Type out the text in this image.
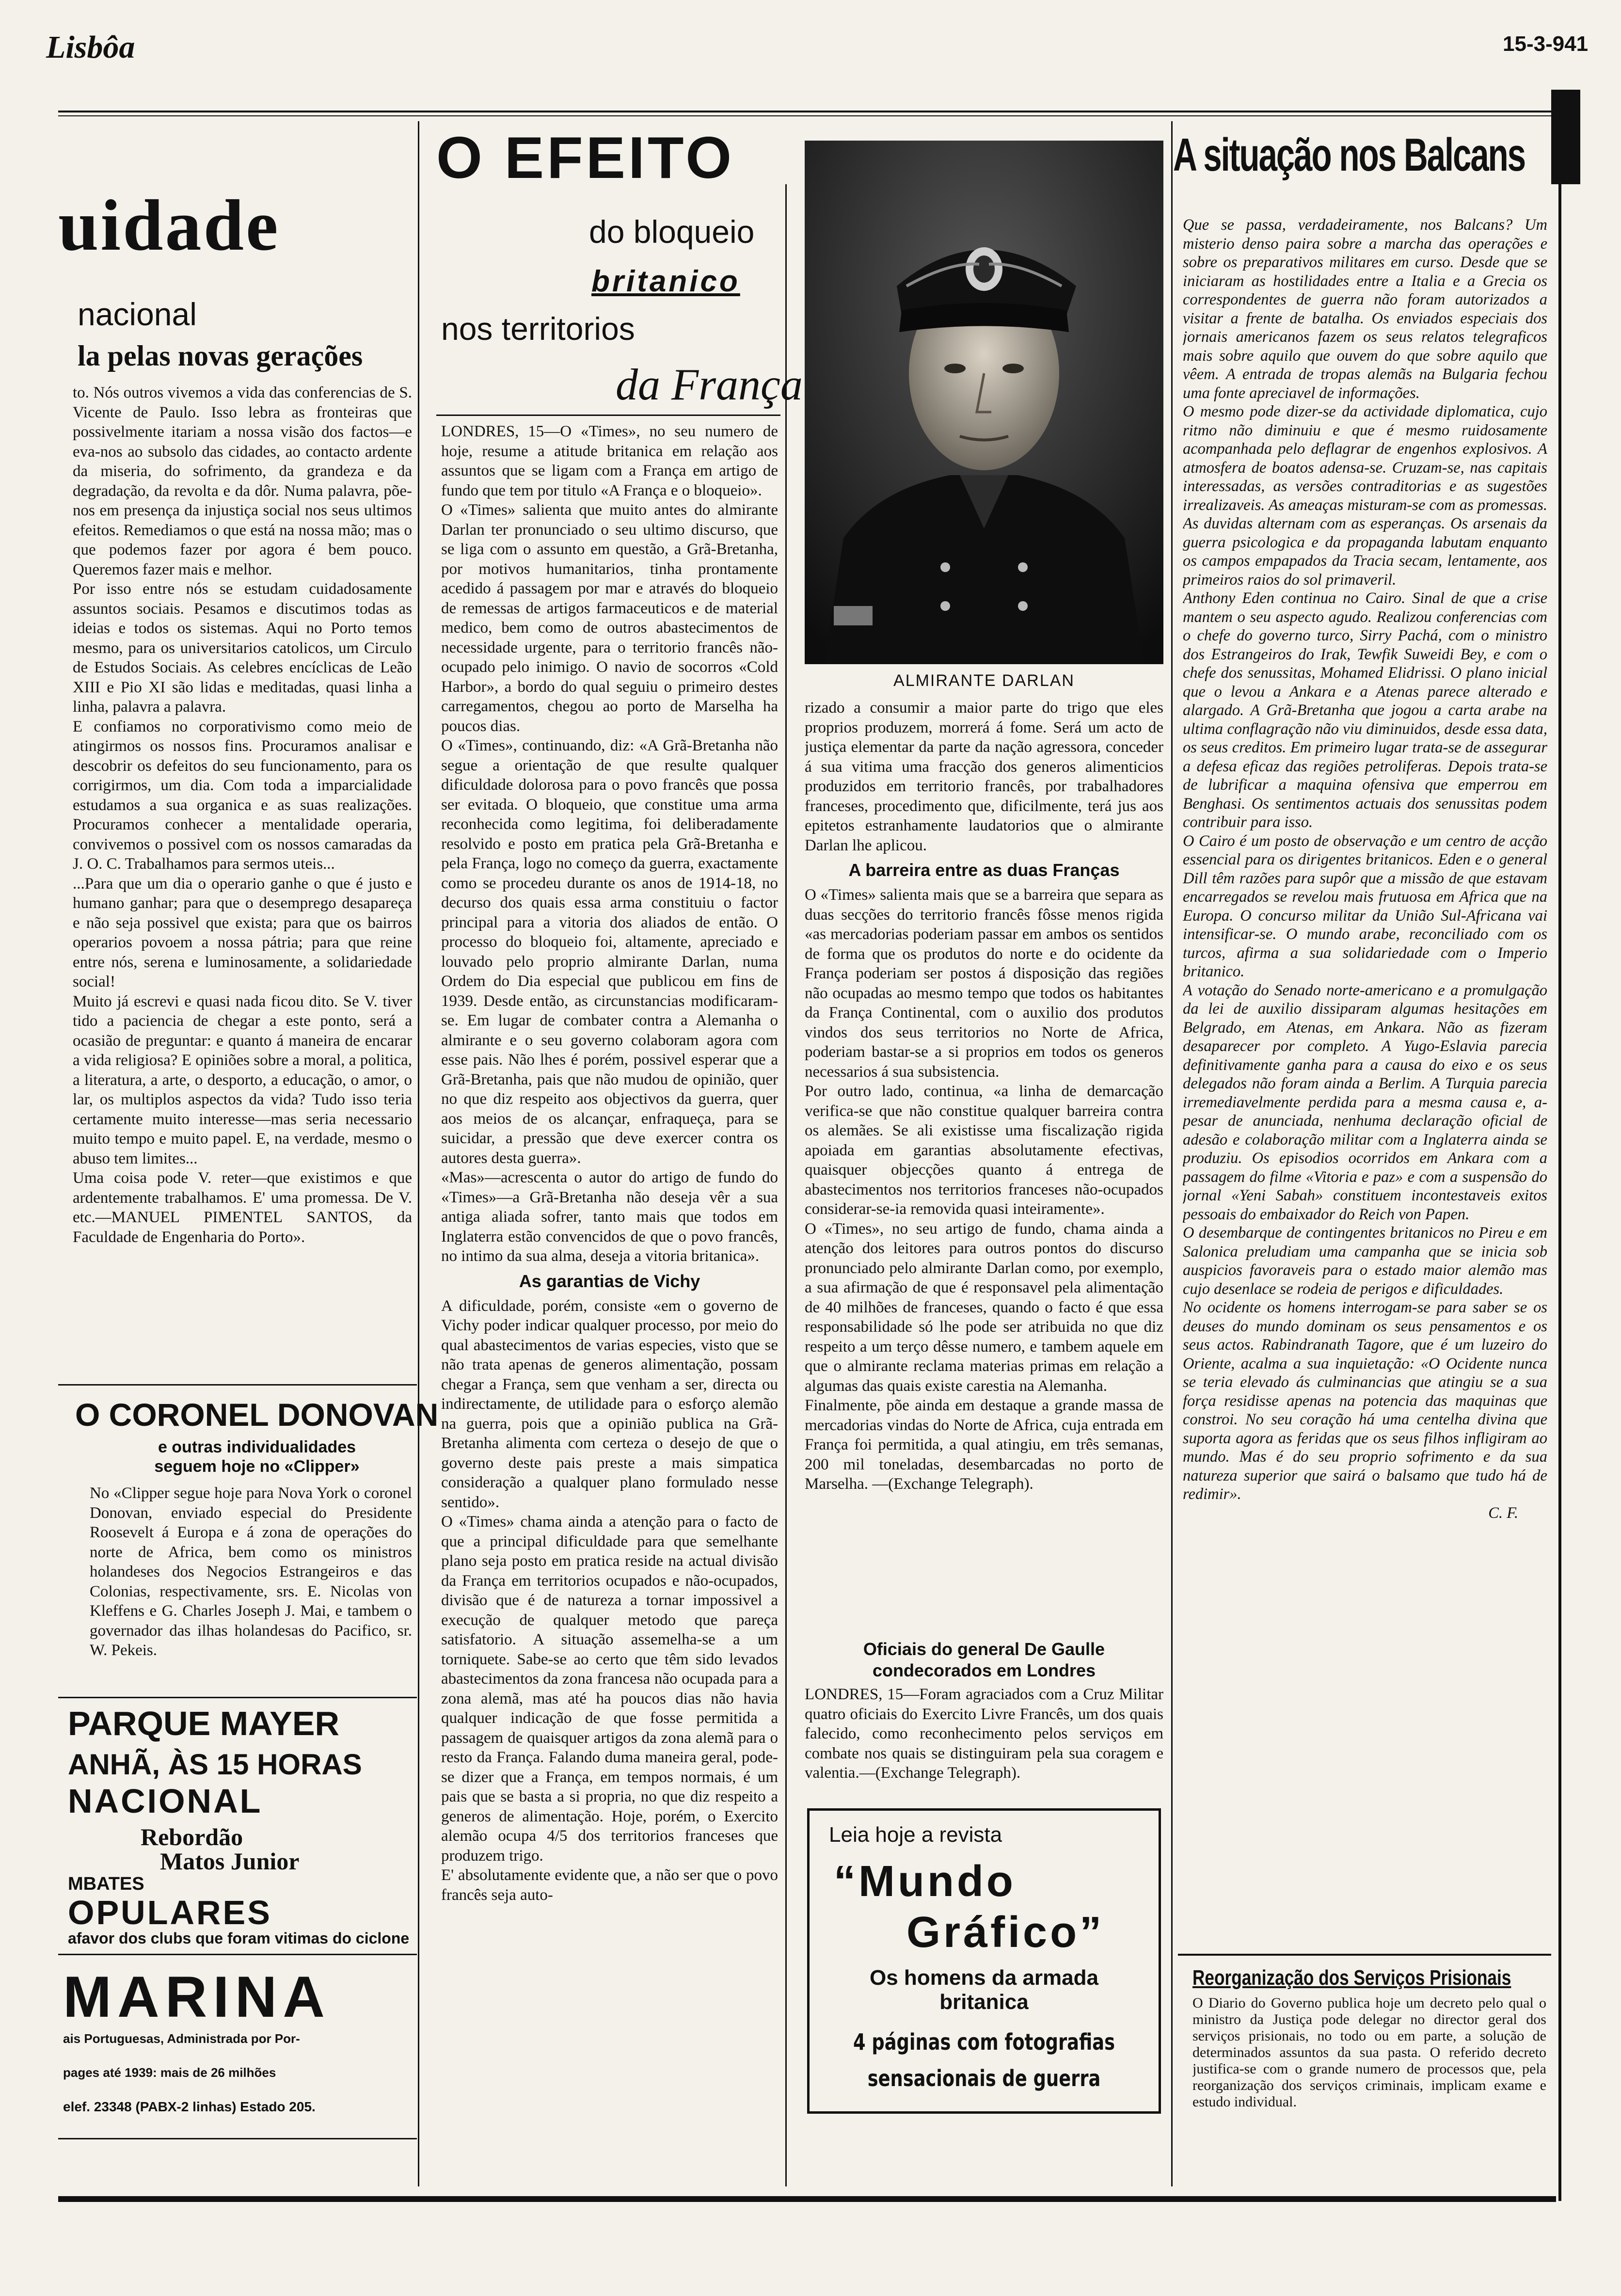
Lisbôa	15-3-941
uidade
nacional
la pelas novas gerações

to. Nós outros vivemos a vida das conferencias de S. Vicente de Paulo. Isso lebra as fronteiras que possivelmente itariam a nossa visão dos factos—e eva-nos ao subsolo das cidades, ao contacto ardente da miseria, do sofrimento, da grandeza e da degradação, da revolta e da dôr. Numa palavra, põe-nos em presença da injustiça social nos seus ultimos efeitos. Remediamos o que está na nossa mão; mas o que podemos fazer por agora é bem pouco. Queremos fazer mais e melhor.

Por isso entre nós se estudam cuidadosamente assuntos sociais. Pesamos e discutimos todas as ideias e todos os sistemas. Aqui no Porto temos mesmo, para os universitarios catolicos, um Circulo de Estudos Sociais. As celebres encíclicas de Leão XIII e Pio XI são lidas e meditadas, quasi linha a linha, palavra a palavra.

E confiamos no corporativismo como meio de atingirmos os nossos fins. Procuramos analisar e descobrir os defeitos do seu funcionamento, para os corrigirmos, um dia. Com toda a imparcialidade estudamos a sua organica e as suas realizações. Procuramos conhecer a mentalidade operaria, convivemos o possivel com os nossos camaradas da J. O. C. Trabalhamos para sermos uteis...

...Para que um dia o operario ganhe o que é justo e humano ganhar; para que o desemprego desapareça e não seja possivel que exista; para que os bairros operarios povoem a nossa pátria; para que reine entre nós, serena e luminosamente, a solidariedade social!

Muito já escrevi e quasi nada ficou dito. Se V. tiver tido a paciencia de chegar a este ponto, será a ocasião de preguntar: e quanto á maneira de encarar a vida religiosa? E opiniões sobre a moral, a politica, a literatura, a arte, o desporto, a educação, o amor, o lar, os multiplos aspectos da vida? Tudo isso teria certamente muito interesse—mas seria necessario muito tempo e muito papel. E, na verdade, mesmo o abuso tem limites...

Uma coisa pode V. reter—que existimos e que ardentemente trabalhamos. E' uma promessa. De V. etc.—MANUEL PIMENTEL SANTOS, da Faculdade de Engenharia do Porto».

O CORONEL DONOVAN
e outras individualidades seguem hoje no «Clipper»
No «Clipper segue hoje para Nova York o coronel Donovan, enviado especial do Presidente Roosevelt á Europa e á zona de operações do norte de Africa, bem como os ministros holandeses dos Negocios Estrangeiros e das Colonias, respectivamente, srs. E. Nicolas von Kleffens e G. Charles Joseph J. Mai, e tambem o governador das ilhas holandesas do Pacifico, sr. W. Pekeis.
PARQUE MAYER
ANHÃ, ÀS 15 HORAS
NACIONAL
Rebordão
Matos Junior
MBATES
OPULARES
afavor dos clubs que foram vitimas do ciclone
MARINA
ais Portuguesas, Administrada por Por-
pages até 1939: mais de 26 milhões
elef. 23348 (PABX-2 linhas) Estado 205.
O EFEITO
do bloqueio
britanico
nos territorios
da França

LONDRES, 15—O «Times», no seu numero de hoje, resume a atitude britanica em relação aos assuntos que se ligam com a França em artigo de fundo que tem por titulo «A França e o bloqueio».

O «Times» salienta que muito antes do almirante Darlan ter pronunciado o seu ultimo discurso, que se liga com o assunto em questão, a Grã-Bretanha, por motivos humanitarios, tinha prontamente acedido á passagem por mar e através do bloqueio de remessas de artigos farmaceuticos e de material medico, bem como de outros abastecimentos de necessidade urgente, para o territorio francês não-ocupado pelo inimigo. O navio de socorros «Cold Harbor», a bordo do qual seguiu o primeiro destes carregamentos, chegou ao porto de Marselha ha poucos dias.

O «Times», continuando, diz: «A Grã-Bretanha não segue a orientação de que resulte qualquer dificuldade dolorosa para o povo francês que possa ser evitada. O bloqueio, que constitue uma arma reconhecida como legitima, foi deliberadamente resolvido e posto em pratica pela Grã-Bretanha e pela França, logo no começo da guerra, exactamente como se procedeu durante os anos de 1914-18, no decurso dos quais essa arma constituiu o factor principal para a vitoria dos aliados de então. O processo do bloqueio foi, altamente, apreciado e louvado pelo proprio almirante Darlan, numa Ordem do Dia especial que publicou em fins de 1939. Desde então, as circunstancias modificaram-se. Em lugar de combater contra a Alemanha o almirante e o seu governo colaboram agora com esse pais. Não lhes é porém, possivel esperar que a Grã-Bretanha, pais que não mudou de opinião, quer no que diz respeito aos objectivos da guerra, quer aos meios de os alcançar, enfraqueça, para se suicidar, a pressão que deve exercer contra os autores desta guerra».

«Mas»—acrescenta o autor do artigo de fundo do «Times»—a Grã-Bretanha não deseja vêr a sua antiga aliada sofrer, tanto mais que todos em Inglaterra estão convencidos de que o povo francês, no intimo da sua alma, deseja a vitoria britanica».

As garantias de Vichy

A dificuldade, porém, consiste «em o governo de Vichy poder indicar qualquer processo, por meio do qual abastecimentos de varias especies, visto que se não trata apenas de generos alimentação, possam chegar a França, sem que venham a ser, directa ou indirectamente, de utilidade para o esforço alemão na guerra, pois que a opinião publica na Grã-Bretanha alimenta com certeza o desejo de que o governo deste pais preste a mais simpatica consideração a qualquer plano formulado nesse sentido».

O «Times» chama ainda a atenção para o facto de que a principal dificuldade para que semelhante plano seja posto em pratica reside na actual divisão da França em territorios ocupados e não-ocupados, divisão que é de natureza a tornar impossivel a execução de qualquer metodo que pareça satisfatorio. A situação assemelha-se a um torniquete. Sabe-se ao certo que têm sido levados abastecimentos da zona francesa não ocupada para a zona alemã, mas até ha poucos dias não havia qualquer indicação de que fosse permitida a passagem de quaisquer artigos da zona alemã para o resto da França. Falando duma maneira geral, pode-se dizer que a França, em tempos normais, é um pais que se basta a si propria, no que diz respeito a generos de alimentação. Hoje, porém, o Exercito alemão ocupa 4/5 dos territorios franceses que produzem trigo.

E' absolutamente evidente que, a não ser que o povo francês seja auto-

ALMIRANTE DARLAN

rizado a consumir a maior parte do trigo que eles proprios produzem, morrerá á fome. Será um acto de justiça elementar da parte da nação agressora, conceder á sua vitima uma fracção dos generos alimenticios produzidos em territorio francês, por trabalhadores franceses, procedimento que, dificilmente, terá jus aos epitetos estranhamente laudatorios que o almirante Darlan lhe aplicou.

A barreira entre as duas Franças

O «Times» salienta mais que se a barreira que separa as duas secções do territorio francês fôsse menos rigida «as mercadorias poderiam passar em ambos os sentidos de forma que os produtos do norte e do ocidente da França poderiam ser postos á disposição das regiões não ocupadas ao mesmo tempo que todos os habitantes da França Continental, com o auxilio dos produtos vindos dos seus territorios no Norte de Africa, poderiam bastar-se a si proprios em todos os generos necessarios á sua subsistencia.

Por outro lado, continua, «a linha de demarcação verifica-se que não constitue qualquer barreira contra os alemães. Se ali existisse uma fiscalização rigida apoiada em garantias absolutamente efectivas, quaisquer objecções quanto á entrega de abastecimentos nos territorios franceses não-ocupados considerar-se-ia removida quasi inteiramente».

O «Times», no seu artigo de fundo, chama ainda a atenção dos leitores para outros pontos do discurso pronunciado pelo almirante Darlan como, por exemplo, a sua afirmação de que é responsavel pela alimentação de 40 milhões de franceses, quando o facto é que essa responsabilidade só lhe pode ser atribuida no que diz respeito a um terço dêsse numero, e tambem aquele em que o almirante reclama materias primas em relação a algumas das quais existe carestia na Alemanha.

Finalmente, põe ainda em destaque a grande massa de mercadorias vindas do Norte de Africa, cuja entrada em França foi permitida, a qual atingiu, em três semanas, 200 mil toneladas, desembarcadas no porto de Marselha. —(Exchange Telegraph).

Oficiais do general De Gaulle condecorados em Londres
LONDRES, 15—Foram agraciados com a Cruz Militar quatro oficiais do Exercito Livre Francês, um dos quais falecido, como reconhecimento pelos serviços em combate nos quais se distinguiram pela sua coragem e valentia.—(Exchange Telegraph).
Leia hoje a revista
“Mundo
Gráfico”
Os homens da armada britanica
4 páginas com fotografias
sensacionais de guerra
A situação nos Balcans

Que se passa, verdadeiramente, nos Balcans? Um misterio denso paira sobre a marcha das operações e sobre os preparativos militares em curso. Desde que se iniciaram as hostilidades entre a Italia e a Grecia os correspondentes de guerra não foram autorizados a visitar a frente de batalha. Os enviados especiais dos jornais americanos fazem os seus relatos telegraficos mais sobre aquilo que ouvem do que sobre aquilo que vêem. A entrada de tropas alemãs na Bulgaria fechou uma fonte apreciavel de informações.

O mesmo pode dizer-se da actividade diplomatica, cujo ritmo não diminuiu e que é mesmo ruidosamente acompanhada pelo deflagrar de engenhos explosivos. A atmosfera de boatos adensa-se. Cruzam-se, nas capitais interessadas, as versões contraditorias e as sugestões irrealizaveis. As ameaças misturam-se com as promessas. As duvidas alternam com as esperanças. Os arsenais da guerra psicologica e da propaganda labutam enquanto os campos empapados da Tracia secam, lentamente, aos primeiros raios do sol primaveril.

Anthony Eden continua no Cairo. Sinal de que a crise mantem o seu aspecto agudo. Realizou conferencias com o chefe do governo turco, Sirry Pachá, com o ministro dos Estrangeiros do Irak, Tewfik Suweidi Bey, e com o chefe dos senussitas, Mohamed Elidrissi. O plano inicial que o levou a Ankara e a Atenas parece alterado e alargado. A Grã-Bretanha que jogou a carta arabe na ultima conflagração não viu diminuidos, desde essa data, os seus creditos. Em primeiro lugar trata-se de assegurar a defesa eficaz das regiões petroliferas. Depois trata-se de lubrificar a maquina ofensiva que emperrou em Benghasi. Os sentimentos actuais dos senussitas podem contribuir para isso.

O Cairo é um posto de observação e um centro de acção essencial para os dirigentes britanicos. Eden e o general Dill têm razões para supôr que a missão de que estavam encarregados se revelou mais frutuosa em Africa que na Europa. O concurso militar da União Sul-Africana vai intensificar-se. O mundo arabe, reconciliado com os turcos, afirma a sua solidariedade com o Imperio britanico.

A votação do Senado norte-americano e a promulgação da lei de auxilio dissiparam algumas hesitações em Belgrado, em Atenas, em Ankara. Não as fizeram desaparecer por completo. A Yugo-Eslavia parecia definitivamente ganha para a causa do eixo e os seus delegados não foram ainda a Berlim. A Turquia parecia irremediavelmente perdida para a mesma causa e, a-pesar de anunciada, nenhuma declaração oficial de adesão e colaboração militar com a Inglaterra ainda se produziu. Os episodios ocorridos em Ankara com a passagem do filme «Vitoria e paz» e com a suspensão do jornal «Yeni Sabah» constituem incontestaveis exitos pessoais do embaixador do Reich von Papen.

O desembarque de contingentes britanicos no Pireu e em Salonica preludiam uma campanha que se inicia sob auspicios favoraveis para o estado maior alemão mas cujo desenlace se rodeia de perigos e dificuldades.

No ocidente os homens interrogam-se para saber se os deuses do mundo dominam os seus pensamentos e os seus actos. Rabindranath Tagore, que é um luzeiro do Oriente, acalma a sua inquietação: «O Ocidente nunca se teria elevado ás culminancias que atingiu se a sua força residisse apenas na potencia das maquinas que constroi. No seu coração há uma centelha divina que suporta agora as feridas que os seus filhos infligiram ao mundo. Mas é do seu proprio sofrimento e da sua natureza superior que sairá o balsamo que tudo há de redimir».

C. F.

Reorganização dos Serviços Prisionais
O Diario do Governo publica hoje um decreto pelo qual o ministro da Justiça pode delegar no director geral dos serviços prisionais, no todo ou em parte, a solução de determinados assuntos da sua pasta. O referido decreto justifica-se com o grande numero de processos que, pela reorganização dos serviços criminais, implicam exame e estudo individual.
